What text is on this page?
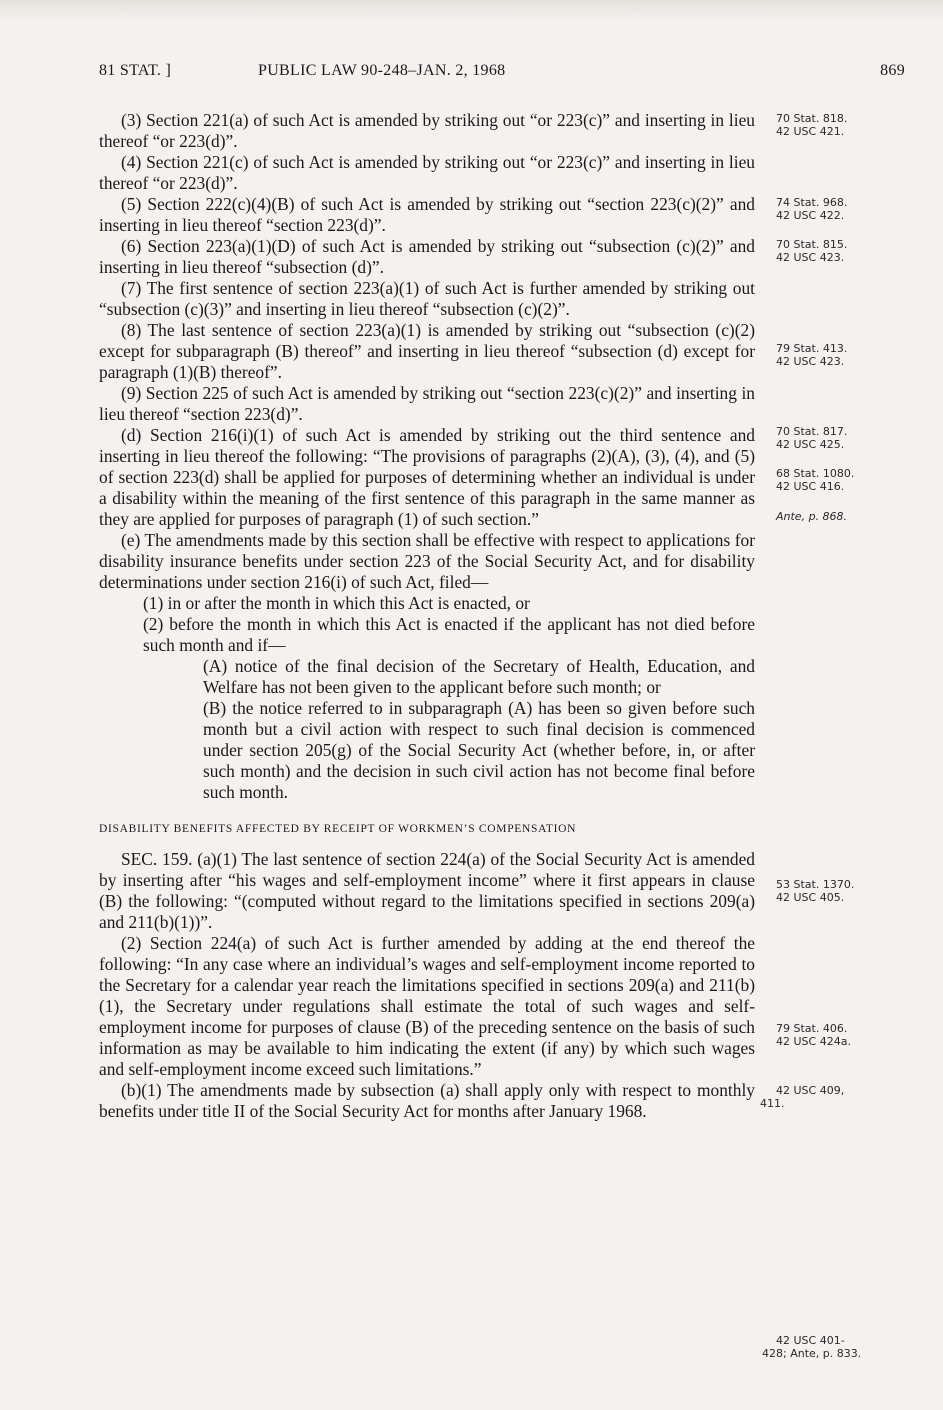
81 STAT. ]	PUBLIC LAW 90-248–JAN. 2, 1968	869

(3) Section 221(a) of such Act is amended by striking out “or 223(c)” and inserting in lieu thereof “or 223(d)”.

(4) Section 221(c) of such Act is amended by striking out “or 223(c)” and inserting in lieu thereof “or 223(d)”.

(5) Section 222(c)(4)(B) of such Act is amended by striking out “section 223(c)(2)” and inserting in lieu thereof “section 223(d)”.

(6) Section 223(a)(1)(D) of such Act is amended by striking out “subsection (c)(2)” and inserting in lieu thereof “subsection (d)”.

(7) The first sentence of section 223(a)(1) of such Act is further amended by striking out “subsection (c)(3)” and inserting in lieu thereof “subsection (c)(2)”.

(8) The last sentence of section 223(a)(1) is amended by striking out “subsection (c)(2) except for subparagraph (B) thereof” and inserting in lieu thereof “subsection (d) except for paragraph (1)(B) thereof”.

(9) Section 225 of such Act is amended by striking out “section 223(c)(2)” and inserting in lieu thereof “section 223(d)”.

(d) Section 216(i)(1) of such Act is amended by striking out the third sentence and inserting in lieu thereof the following: “The provisions of paragraphs (2)(A), (3), (4), and (5) of section 223(d) shall be applied for purposes of determining whether an individual is under a disability within the meaning of the first sentence of this paragraph in the same manner as they are applied for purposes of paragraph (1) of such section.”

(e) The amendments made by this section shall be effective with respect to applications for disability insurance benefits under section 223 of the Social Security Act, and for disability determinations under section 216(i) of such Act, filed—

(1) in or after the month in which this Act is enacted, or

(2) before the month in which this Act is enacted if the applicant has not died before such month and if—

(A) notice of the final decision of the Secretary of Health, Education, and Welfare has not been given to the applicant before such month; or

(B) the notice referred to in subparagraph (A) has been so given before such month but a civil action with respect to such final decision is commenced under section 205(g) of the Social Security Act (whether before, in, or after such month) and the decision in such civil action has not become final before such month.

DISABILITY BENEFITS AFFECTED BY RECEIPT OF WORKMEN’S COMPENSATION

SEC. 159. (a)(1) The last sentence of section 224(a) of the Social Security Act is amended by inserting after “his wages and self-employment income” where it first appears in clause (B) the following: “(computed without regard to the limitations specified in sections 209(a) and 211(b)(1))”.

(2) Section 224(a) of such Act is further amended by adding at the end thereof the following: “In any case where an individual’s wages and self-employment income reported to the Secretary for a calendar year reach the limitations specified in sections 209(a) and 211(b)(1), the Secretary under regulations shall estimate the total of such wages and self-employment income for purposes of clause (B) of the preceding sentence on the basis of such information as may be available to him indicating the extent (if any) by which such wages and self-employment income exceed such limitations.”

(b)(1) The amendments made by subsection (a) shall apply only with respect to monthly benefits under title II of the Social Security Act for months after January 1968.

70 Stat. 818.
42 USC 421.
74 Stat. 968.
42 USC 422.
70 Stat. 815.
42 USC 423.
79 Stat. 413.
42 USC 423.
70 Stat. 817.
42 USC 425.
68 Stat. 1080.
42 USC 416.
Ante, p. 868.
53 Stat. 1370.
42 USC 405.
79 Stat. 406.
42 USC 424a.
42 USC 409,
411.
42 USC 401-
428; Ante, p. 833.
